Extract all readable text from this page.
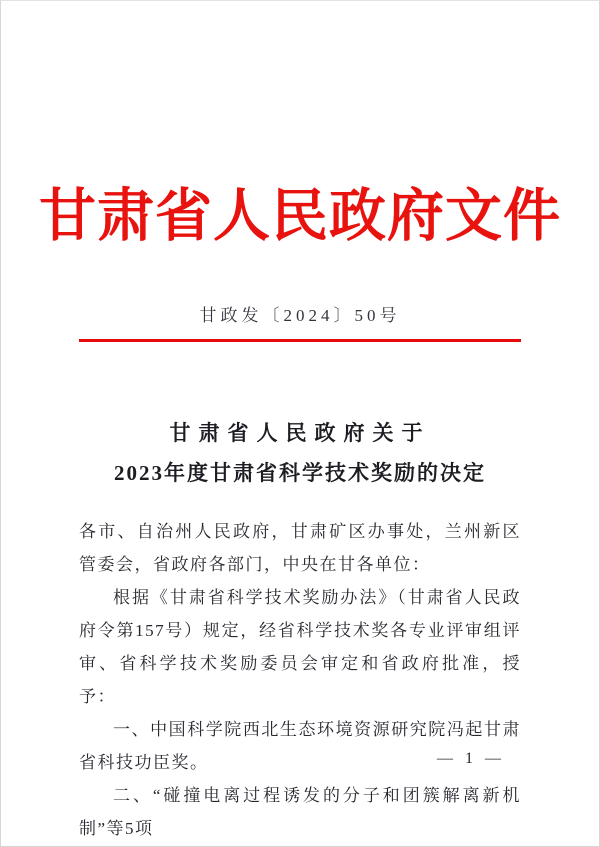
甘肃省人民政府文件
甘政发〔2024〕50号
甘肃省人民政府关于
2023年度甘肃省科学技术奖励的决定

各市、自治州人民政府，甘肃矿区办事处，兰州新区管委会，省政府各部门，中央在甘各单位：

根据《甘肃省科学技术奖励办法》（甘肃省人民政府令第157号）规定，经省科学技术奖各专业评审组评审、省科学技术奖励委员会审定和省政府批准，授予：

一、中国科学院西北生态环境资源研究院冯起甘肃省科技功臣奖。

二、“碰撞电离过程诱发的分子和团簇解离新机制”等5项

— 1 —
